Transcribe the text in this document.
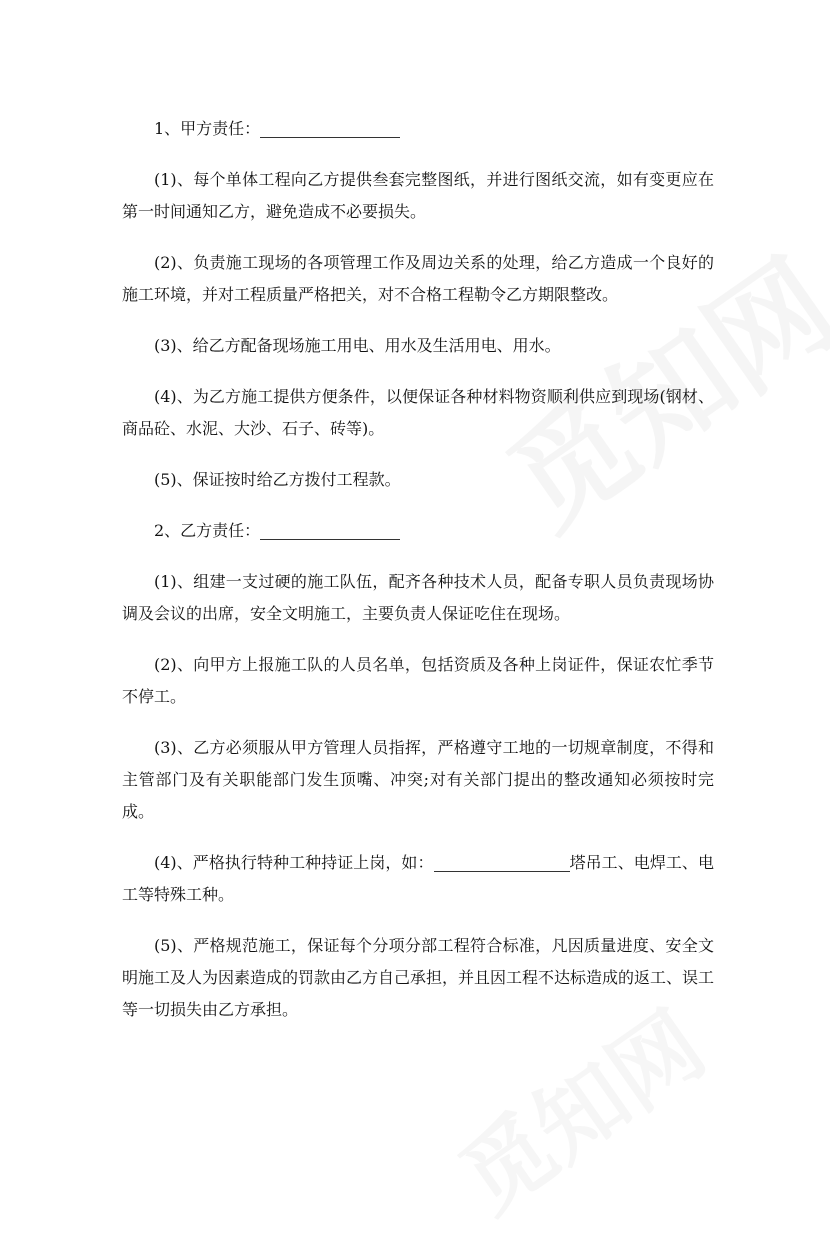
1、甲方责任：

(1)、每个单体工程向乙方提供叁套完整图纸，并进行图纸交流，如有变更应在第一时间通知乙方，避免造成不必要损失。

(2)、负责施工现场的各项管理工作及周边关系的处理，给乙方造成一个良好的施工环境，并对工程质量严格把关，对不合格工程勒令乙方期限整改。

(3)、给乙方配备现场施工用电、用水及生活用电、用水。

(4)、为乙方施工提供方便条件，以便保证各种材料物资顺利供应到现场(钢材、商品砼、水泥、大沙、石子、砖等)。

(5)、保证按时给乙方拨付工程款。

2、乙方责任：

(1)、组建一支过硬的施工队伍，配齐各种技术人员，配备专职人员负责现场协调及会议的出席，安全文明施工，主要负责人保证吃住在现场。

(2)、向甲方上报施工队的人员名单，包括资质及各种上岗证件，保证农忙季节不停工。

(3)、乙方必须服从甲方管理人员指挥，严格遵守工地的一切规章制度，不得和主管部门及有关职能部门发生顶嘴、冲突;对有关部门提出的整改通知必须按时完成。

(4)、严格执行特种工种持证上岗，如：	塔吊工、电焊工、电工等特殊工种。

(5)、严格规范施工，保证每个分项分部工程符合标准，凡因质量进度、安全文明施工及人为因素造成的罚款由乙方自己承担，并且因工程不达标造成的返工、误工等一切损失由乙方承担。
